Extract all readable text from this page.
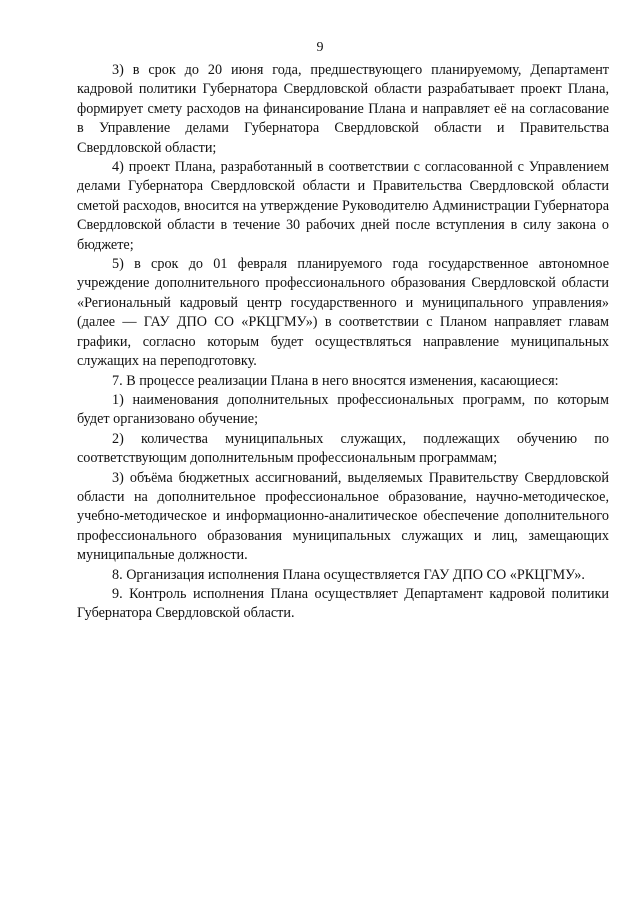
9

3) в срок до 20 июня года, предшествующего планируемому, Департамент кадровой политики Губернатора Свердловской области разрабатывает проект Плана, формирует смету расходов на финансирование Плана и направляет её на согласование в Управление делами Губернатора Свердловской области и Правительства Свердловской области;

4) проект Плана, разработанный в соответствии с согласованной с Управлением делами Губернатора Свердловской области и Правительства Свердловской области сметой расходов, вносится на утверждение Руководителю Администрации Губернатора Свердловской области в течение 30 рабочих дней после вступления в силу закона о бюджете;

5) в срок до 01 февраля планируемого года государственное автономное учреждение дополнительного профессионального образования Свердловской области «Региональный кадровый центр государственного и муниципального управления» (далее — ГАУ ДПО СО «РКЦГМУ») в соответствии с Планом направляет главам графики, согласно которым будет осуществляться направление муниципальных служащих на переподготовку.

7. В процессе реализации Плана в него вносятся изменения, касающиеся:

1) наименования дополнительных профессиональных программ, по которым будет организовано обучение;

2) количества муниципальных служащих, подлежащих обучению по соответствующим дополнительным профессиональным программам;

3) объёма бюджетных ассигнований, выделяемых Правительству Свердловской области на дополнительное профессиональное образование, научно-методическое, учебно-методическое и информационно-аналитическое обеспечение дополнительного профессионального образования муниципальных служащих и лиц, замещающих муниципальные должности.

8. Организация исполнения Плана осуществляется ГАУ ДПО СО «РКЦГМУ».

9. Контроль исполнения Плана осуществляет Департамент кадровой политики Губернатора Свердловской области.
